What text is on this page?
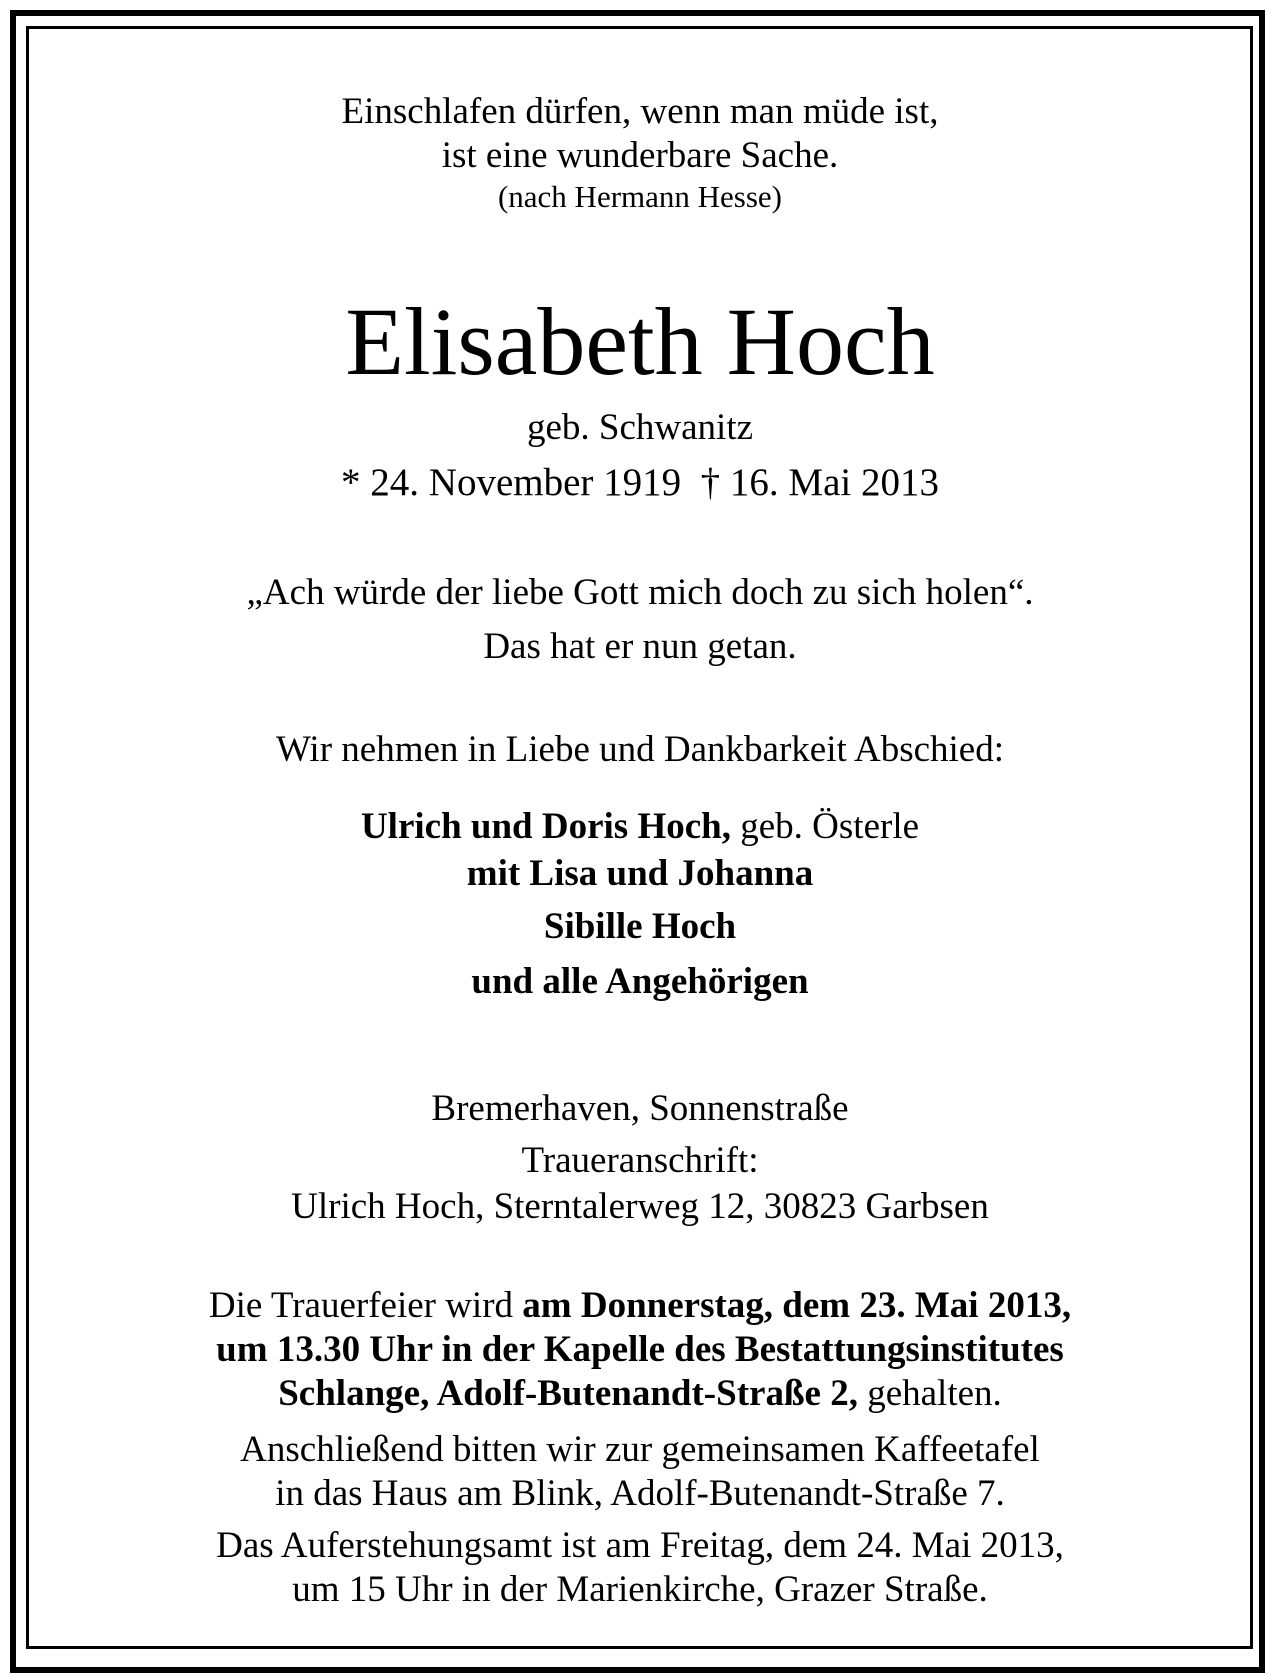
Einschlafen dürfen, wenn man müde ist,
ist eine wunderbare Sache.
(nach Hermann Hesse)
Elisabeth Hoch
geb. Schwanitz
* 24. November 1919  † 16. Mai 2013
„Ach würde der liebe Gott mich doch zu sich holen“.
Das hat er nun getan.
Wir nehmen in Liebe und Dankbarkeit Abschied:
Ulrich und Doris Hoch, geb. Österle
mit Lisa und Johanna
Sibille Hoch
und alle Angehörigen
Bremerhaven, Sonnenstraße
Traueranschrift:
Ulrich Hoch, Sterntalerweg 12, 30823 Garbsen
Die Trauerfeier wird am Donnerstag, dem 23. Mai 2013,
um 13.30 Uhr in der Kapelle des Bestattungsinstitutes
Schlange, Adolf-Butenandt-Straße 2, gehalten.
Anschließend bitten wir zur gemeinsamen Kaffeetafel
in das Haus am Blink, Adolf-Butenandt-Straße 7.
Das Auferstehungsamt ist am Freitag, dem 24. Mai 2013,
um 15 Uhr in der Marienkirche, Grazer Straße.
